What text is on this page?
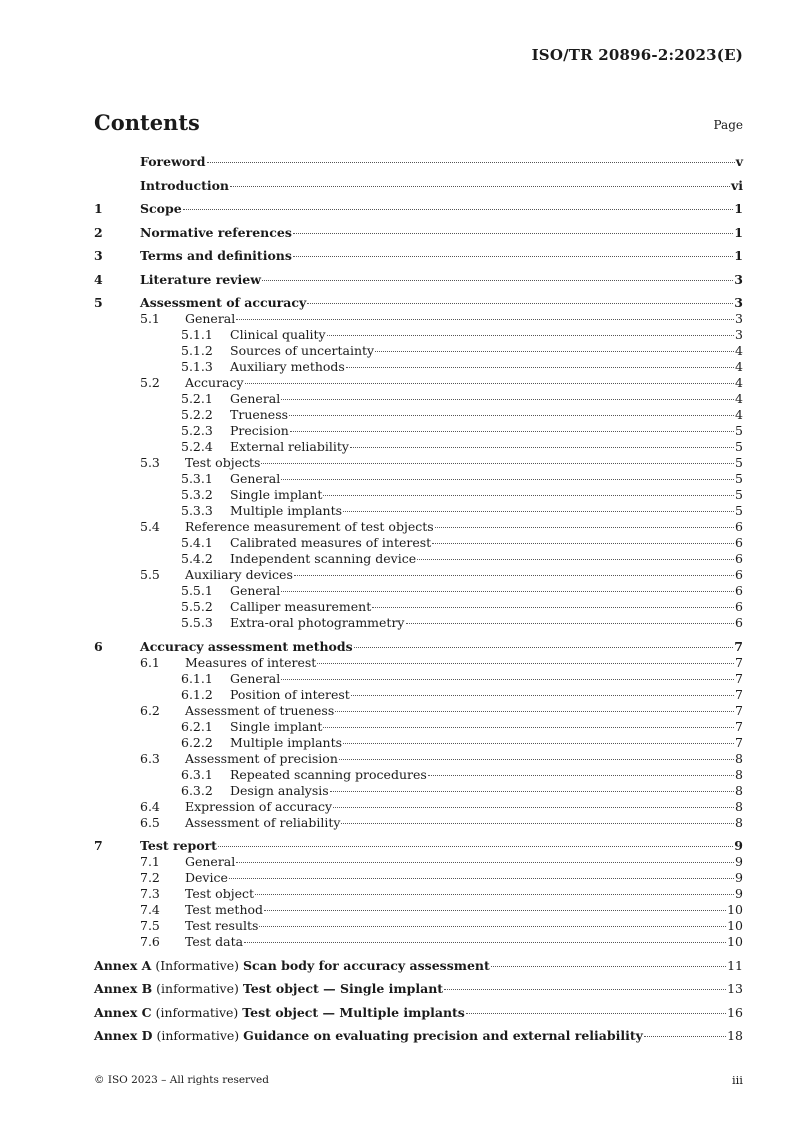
ISO/TR 20896-2:2023(E)
Contents	Page
Foreword	v
Introduction	vi
1	Scope	1
2	Normative references	1
3	Terms and definitions	1
4	Literature review	3
5	Assessment of accuracy	3
5.1	General	3
5.1.1	Clinical quality	3
5.1.2	Sources of uncertainty	4
5.1.3	Auxiliary methods	4
5.2	Accuracy	4
5.2.1	General	4
5.2.2	Trueness	4
5.2.3	Precision	5
5.2.4	External reliability	5
5.3	Test objects	5
5.3.1	General	5
5.3.2	Single implant	5
5.3.3	Multiple implants	5
5.4	Reference measurement of test objects	6
5.4.1	Calibrated measures of interest	6
5.4.2	Independent scanning device	6
5.5	Auxiliary devices	6
5.5.1	General	6
5.5.2	Calliper measurement	6
5.5.3	Extra-oral photogrammetry	6
6	Accuracy assessment methods	7
6.1	Measures of interest	7
6.1.1	General	7
6.1.2	Position of interest	7
6.2	Assessment of trueness	7
6.2.1	Single implant	7
6.2.2	Multiple implants	7
6.3	Assessment of precision	8
6.3.1	Repeated scanning procedures	8
6.3.2	Design analysis	8
6.4	Expression of accuracy	8
6.5	Assessment of reliability	8
7	Test report	9
7.1	General	9
7.2	Device	9
7.3	Test object	9
7.4	Test method	10
7.5	Test results	10
7.6	Test data	10
Annex A (Informative) Scan body for accuracy assessment	11
Annex B (informative) Test object — Single implant	13
Annex C (informative) Test object — Multiple implants	16
Annex D (informative) Guidance on evaluating precision and external reliability	18
© ISO 2023 – All rights reserved	iii
